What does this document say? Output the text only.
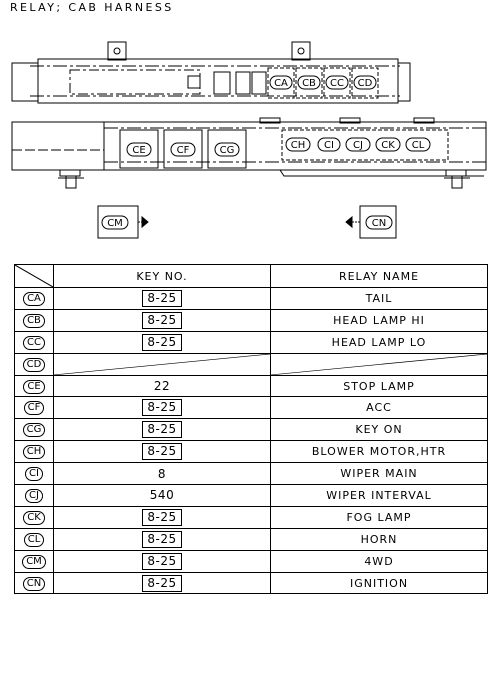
RELAY; CAB HARNESS
CA CB CC CD
CE	CF	CG	CH CI CJ CK CL
CM	CN
	KEY NO.	RELAY NAME
CA	8-25	TAIL
CB	8-25	HEAD LAMP HI
CC	8-25	HEAD LAMP LO
CD	

CE	22	STOP LAMP
CF	8-25	ACC
CG	8-25	KEY ON
CH	8-25	BLOWER MOTOR,HTR
CI	8	WIPER MAIN
CJ	540	WIPER INTERVAL
CK	8-25	FOG LAMP
CL	8-25	HORN
CM	8-25	4WD
CN	8-25	IGNITION
